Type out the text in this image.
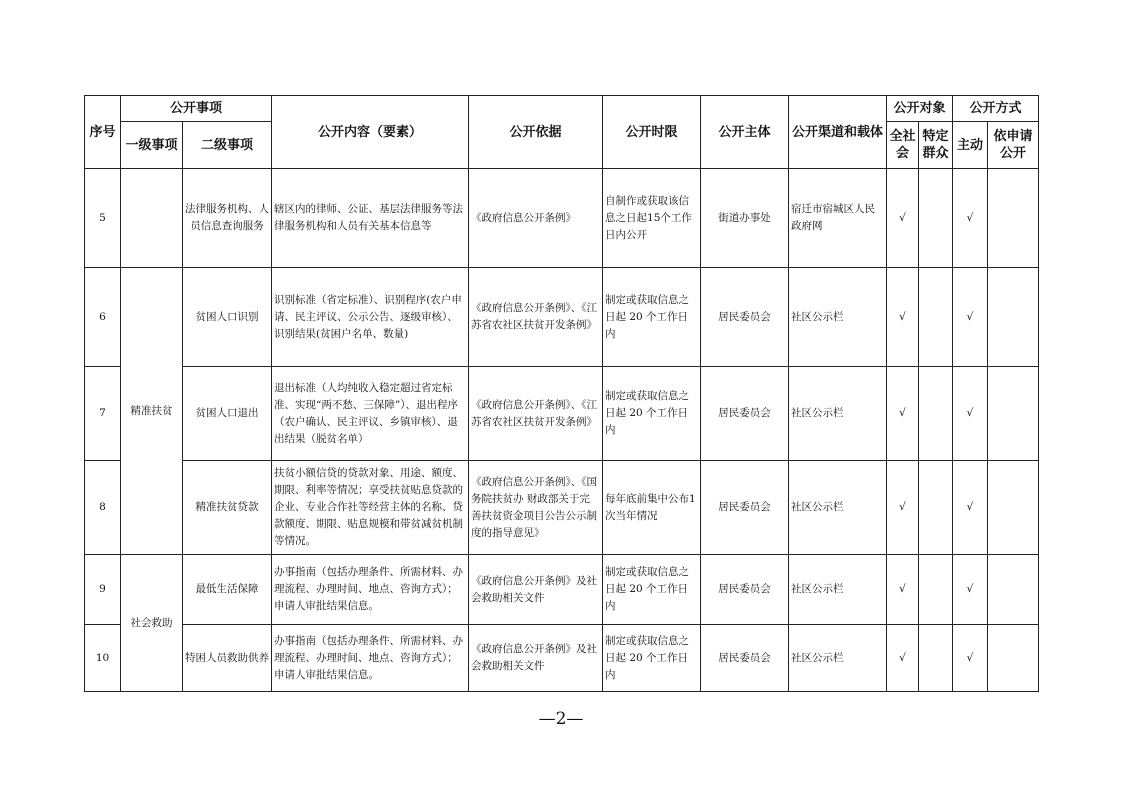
序号	公开事项		公开内容（要素）	公开依据	公开时限	公开主体	公开渠道和载体	公开对象		公开方式	
	一级事项	二级事项						全社会	特定群众	主动	依申请公开
5		法律服务机构、人员信息查询服务	辖区内的律师、公证、基层法律服务等法律服务机构和人员有关基本信息等	《政府信息公开条例》	自制作或获取该信息之日起15个工作日内公开	街道办事处	宿迁市宿城区人民政府网	√		√	
6	精准扶贫	贫困人口识别	识别标准（省定标准）、识别程序(农户申请、民主评议、公示公告、逐级审核）、识别结果(贫困户名单、数量)	《政府信息公开条例》、《江苏省农社区扶贫开发条例》	制定或获取信息之日起 20 个工作日内	居民委员会	社区公示栏	√		√	
7		贫困人口退出	退出标准（人均纯收入稳定超过省定标准、实现“两不愁、三保障”）、退出程序（农户确认、民主评议、乡镇审核）、退出结果（脱贫名单）	《政府信息公开条例》、《江苏省农社区扶贫开发条例》	制定或获取信息之日起 20 个工作日内	居民委员会	社区公示栏	√		√	
8		精准扶贫贷款	扶贫小额信贷的贷款对象、用途、额度、期限、利率等情况；享受扶贫贴息贷款的企业、专业合作社等经营主体的名称、贷款额度、期限、贴息规模和带贫减贫机制等情况。	《政府信息公开条例》、《国务院扶贫办 财政部关于完善扶贫资金项目公告公示制度的指导意见》	每年底前集中公布1次当年情况	居民委员会	社区公示栏	√		√	
9	社会救助	最低生活保障	办事指南（包括办理条件、所需材料、办理流程、办理时间、地点、咨询方式）；申请人审批结果信息。	《政府信息公开条例》及社会救助相关文件	制定或获取信息之日起 20 个工作日内	居民委员会	社区公示栏	√		√	
10		特困人员救助供养	办事指南（包括办理条件、所需材料、办理流程、办理时间、地点、咨询方式）；申请人审批结果信息。	《政府信息公开条例》及社会救助相关文件	制定或获取信息之日起 20 个工作日内	居民委员会	社区公示栏	√		√	
—2—
